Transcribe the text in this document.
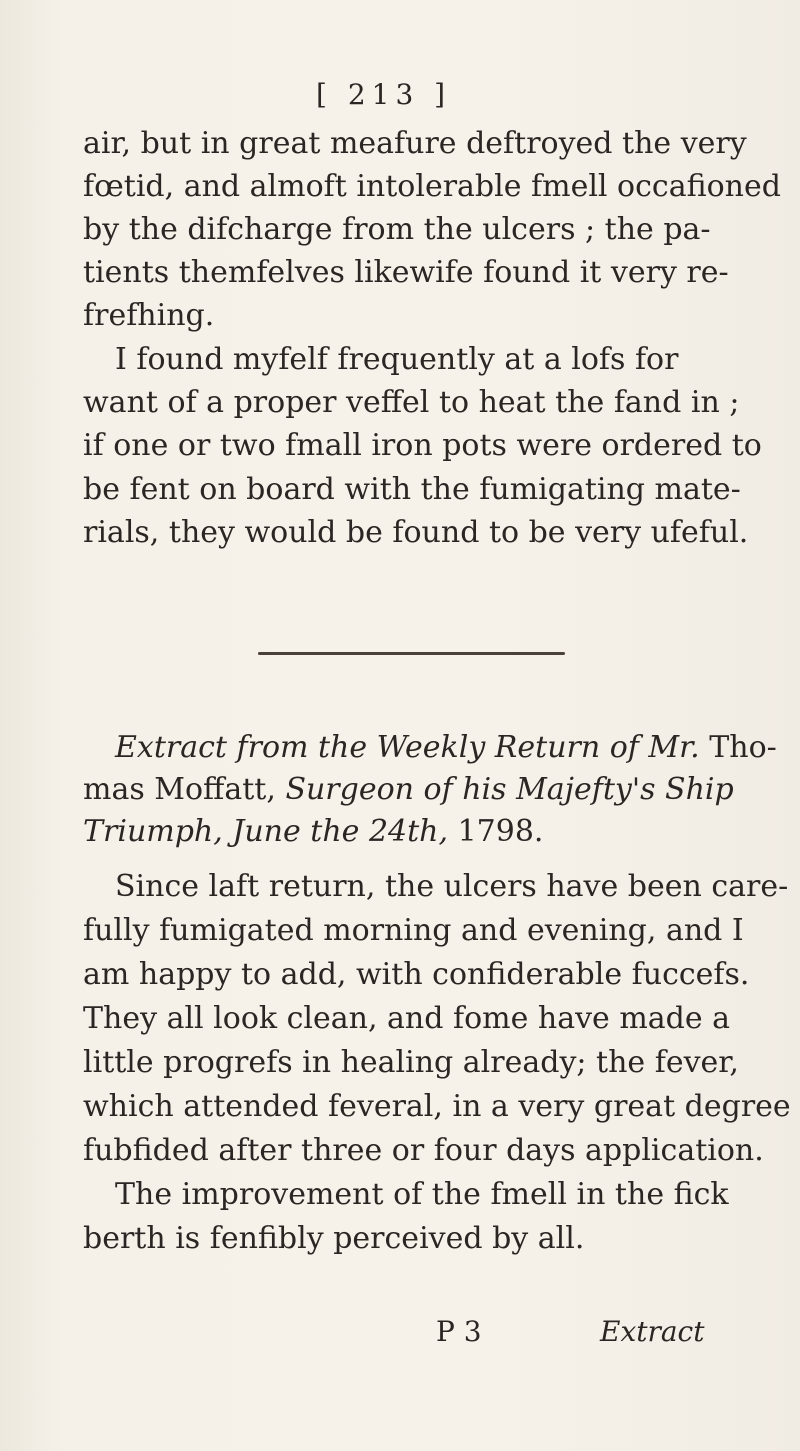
[ 213 ]
air, but in great meafure deftroyed the very
fœtid, and almoft intolerable fmell occafioned
by the difcharge from the ulcers ; the pa-
tients themfelves likewife found it very re-
frefhing.
I found myfelf frequently at a lofs for
want of a proper veffel to heat the fand in ;
if one or two fmall iron pots were ordered to
be fent on board with the fumigating mate-
rials, they would be found to be very ufeful.
Extract from the Weekly Return of Mr. Tho-
mas Moffatt, Surgeon of his Majefty's Ship
Triumph, June the 24th, 1798.
Since laft return, the ulcers have been care-
fully fumigated morning and evening, and I
am happy to add, with confiderable fuccefs.
They all look clean, and fome have made a
little progrefs in healing already; the fever,
which attended feveral, in a very great degree
fubfided after three or four days application.
The improvement of the fmell in the fick
berth is fenfibly perceived by all.
P 3	Extract
